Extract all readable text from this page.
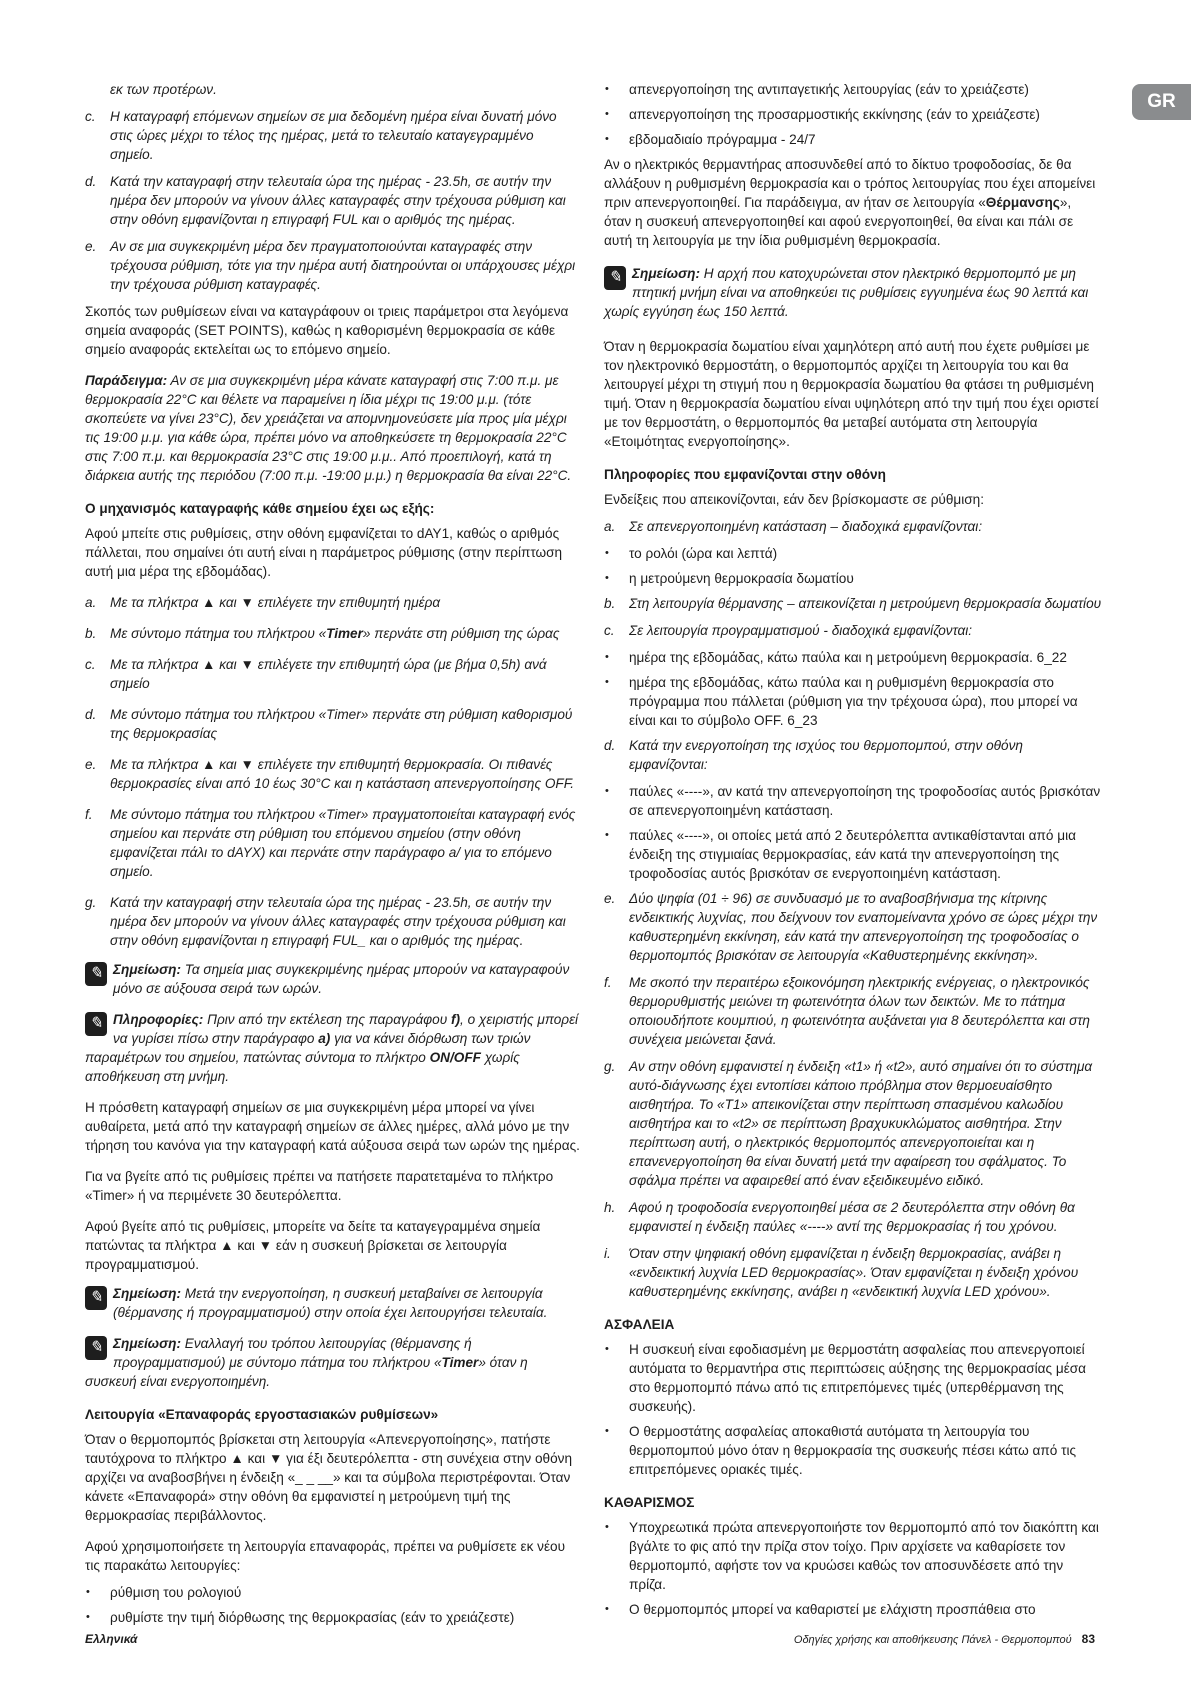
GR

εκ των προτέρων.

c. Η καταγραφή επόμενων σημείων σε μια δεδομένη ημέρα είναι δυνατή μόνο στις ώρες μέχρι το τέλος της ημέρας, μετά το τελευταίο καταγεγραμμένο σημείο.
d. Κατά την καταγραφή στην τελευταία ώρα της ημέρας - 23.5h, σε αυτήν την ημέρα δεν μπορούν να γίνουν άλλες καταγραφές στην τρέχουσα ρύθμιση και στην οθόνη εμφανίζονται η επιγραφή FUL και ο αριθμός της ημέρας.
e. Αν σε μια συγκεκριμένη μέρα δεν πραγματοποιούνται καταγραφές στην τρέχουσα ρύθμιση, τότε για την ημέρα αυτή διατηρούνται οι υπάρχουσες μέχρι την τρέχουσα ρύθμιση καταγραφές.

Σκοπός των ρυθμίσεων είναι να καταγράφουν οι τριεις παράμετροι στα λεγόμενα σημεία αναφοράς (SET POINTS), καθώς η καθορισμένη θερμοκρασία σε κάθε σημείο αναφοράς εκτελείται ως το επόμενο σημείο.

Παράδειγμα: Αν σε μια συγκεκριμένη μέρα κάνατε καταγραφή στις 7:00 π.μ. με θερμοκρασία 22°C και θέλετε να παραμείνει η ίδια μέχρι τις 19:00 μ.μ. (τότε σκοπεύετε να γίνει 23°C), δεν χρειάζεται να απομνημονεύσετε μία προς μία μέχρι τις 19:00 μ.μ. για κάθε ώρα, πρέπει μόνο να αποθηκεύσετε τη θερμοκρασία 22°C στις 7:00 π.μ. και θερμοκρασία 23°C στις 19:00 μ.μ.. Από προεπιλογή, κατά τη διάρκεια αυτής της περιόδου (7:00 π.μ. -19:00 μ.μ.) η θερμοκρασία θα είναι 22°C.

Ο μηχανισμός καταγραφής κάθε σημείου έχει ως εξής:

Αφού μπείτε στις ρυθμίσεις, στην οθόνη εμφανίζεται το dAY1, καθώς ο αριθμός πάλλεται, που σημαίνει ότι αυτή είναι η παράμετρος ρύθμισης (στην περίπτωση αυτή μια μέρα της εβδομάδας).

a. Με τα πλήκτρα ▲ και ▼ επιλέγετε την επιθυμητή ημέρα
b. Με σύντομο πάτημα του πλήκτρου «Timer» περνάτε στη ρύθμιση της ώρας
c. Με τα πλήκτρα ▲ και ▼ επιλέγετε την επιθυμητή ώρα (με βήμα 0,5h) ανά σημείο
d. Με σύντομο πάτημα του πλήκτρου «Timer» περνάτε στη ρύθμιση καθορισμού της θερμοκρασίας
e. Με τα πλήκτρα ▲ και ▼ επιλέγετε την επιθυμητή θερμοκρασία. Οι πιθανές θερμοκρασίες είναι από 10 έως 30°C και η κατάσταση απενεργοποίησης OFF.
f. Με σύντομο πάτημα του πλήκτρου «Timer» πραγματοποιείται καταγραφή ενός σημείου και περνάτε στη ρύθμιση του επόμενου σημείου (στην οθόνη εμφανίζεται πάλι το dAYX) και περνάτε στην παράγραφο a/ για το επόμενο σημείο.
g. Κατά την καταγραφή στην τελευταία ώρα της ημέρας - 23.5h, σε αυτήν την ημέρα δεν μπορούν να γίνουν άλλες καταγραφές στην τρέχουσα ρύθμιση και στην οθόνη εμφανίζονται η επιγραφή FUL_ και ο αριθμός της ημέρας.
✎ Σημείωση: Τα σημεία μιας συγκεκριμένης ημέρας μπορούν να καταγραφούν μόνο σε αύξουσα σειρά των ωρών.
✎ Πληροφορίες: Πριν από την εκτέλεση της παραγράφου f), ο χειριστής μπορεί να γυρίσει πίσω στην παράγραφο a) για να κάνει διόρθωση των τριών παραμέτρων του σημείου, πατώντας σύντομα το πλήκτρο ON/OFF χωρίς αποθήκευση στη μνήμη.

Η πρόσθετη καταγραφή σημείων σε μια συγκεκριμένη μέρα μπορεί να γίνει αυθαίρετα, μετά από την καταγραφή σημείων σε άλλες ημέρες, αλλά μόνο με την τήρηση του κανόνα για την καταγραφή κατά αύξουσα σειρά των ωρών της ημέρας.

Για να βγείτε από τις ρυθμίσεις πρέπει να πατήσετε παρατεταμένα το πλήκτρο «Timer» ή να περιμένετε 30 δευτερόλεπτα.

Αφού βγείτε από τις ρυθμίσεις, μπορείτε να δείτε τα καταγεγραμμένα σημεία πατώντας τα πλήκτρα ▲ και ▼ εάν η συσκευή βρίσκεται σε λειτουργία προγραμματισμού.

✎ Σημείωση: Μετά την ενεργοποίηση, η συσκευή μεταβαίνει σε λειτουργία (θέρμανσης ή προγραμματισμού) στην οποία έχει λειτουργήσει τελευταία.
✎ Σημείωση: Εναλλαγή του τρόπου λειτουργίας (θέρμανσης ή προγραμματισμού) με σύντομο πάτημα του πλήκτρου «Timer» όταν η συσκευή είναι ενεργοποιημένη.
Λειτουργία «Επαναφοράς εργοστασιακών ρυθμίσεων»

Όταν ο θερμοπομπός βρίσκεται στη λειτουργία «Απενεργοποίησης», πατήστε ταυτόχρονα το πλήκτρο ▲ και ▼ για έξι δευτερόλεπτα - στη συνέχεια στην οθόνη αρχίζει να αναβοσβήνει η ένδειξη «_ _ __» και τα σύμβολα περιστρέφονται. Όταν κάνετε «Επαναφορά» στην οθόνη θα εμφανιστεί η μετρούμενη τιμή της θερμοκρασίας περιβάλλοντος.

Αφού χρησιμοποιήσετε τη λειτουργία επαναφοράς, πρέπει να ρυθμίσετε εκ νέου τις παρακάτω λειτουργίες:

• ρύθμιση του ρολογιού
• ρυθμίστε την τιμή διόρθωσης της θερμοκρασίας (εάν το χρειάζεστε)
• απενεργοποίηση της αντιπαγετικής λειτουργίας (εάν το χρειάζεστε)
• απενεργοποίηση της προσαρμοστικής εκκίνησης (εάν το χρειάζεστε)
• εβδομαδιαίο πρόγραμμα - 24/7

Αν ο ηλεκτρικός θερμαντήρας αποσυνδεθεί από το δίκτυο τροφοδοσίας, δε θα αλλάξουν η ρυθμισμένη θερμοκρασία και ο τρόπος λειτουργίας που έχει απομείνει πριν απενεργοποιηθεί. Για παράδειγμα, αν ήταν σε λειτουργία «Θέρμανσης», όταν η συσκευή απενεργοποιηθεί και αφού ενεργοποιηθεί, θα είναι και πάλι σε αυτή τη λειτουργία με την ίδια ρυθμισμένη θερμοκρασία.

✎ Σημείωση: Η αρχή που κατοχυρώνεται στον ηλεκτρικό θερμοπομπό με μη πτητική μνήμη είναι να αποθηκεύει τις ρυθμίσεις εγγυημένα έως 90 λεπτά και χωρίς εγγύηση έως 150 λεπτά.

Όταν η θερμοκρασία δωματίου είναι χαμηλότερη από αυτή που έχετε ρυθμίσει με τον ηλεκτρονικό θερμοστάτη, ο θερμοπομπός αρχίζει τη λειτουργία του και θα λειτουργεί μέχρι τη στιγμή που η θερμοκρασία δωματίου θα φτάσει τη ρυθμισμένη τιμή. Όταν η θερμοκρασία δωματίου είναι υψηλότερη από την τιμή που έχει οριστεί με τον θερμοστάτη, ο θερμοπομπός θα μεταβεί αυτόματα στη λειτουργία «Ετοιμότητας ενεργοποίησης».

Πληροφορίες που εμφανίζονται στην οθόνη

Ενδείξεις που απεικονίζονται, εάν δεν βρίσκομαστε σε ρύθμιση:

a. Σε απενεργοποιημένη κατάσταση – διαδοχικά εμφανίζονται:
• το ρολόι (ώρα και λεπτά)
• η μετρούμενη θερμοκρασία δωματίου
b. Στη λειτουργία θέρμανσης – απεικονίζεται η μετρούμενη θερμοκρασία δωματίου
c. Σε λειτουργία προγραμματισμού - διαδοχικά εμφανίζονται:
• ημέρα της εβδομάδας, κάτω παύλα και η μετρούμενη θερμοκρασία. 6_22
• ημέρα της εβδομάδας, κάτω παύλα και η ρυθμισμένη θερμοκρασία στο πρόγραμμα που πάλλεται (ρύθμιση για την τρέχουσα ώρα), που μπορεί να είναι και το σύμβολο OFF. 6_23
d. Κατά την ενεργοποίηση της ισχύος του θερμοπομπού, στην οθόνη εμφανίζονται:
• παύλες «----», αν κατά την απενεργοποίηση της τροφοδοσίας αυτός βρισκόταν σε απενεργοποιημένη κατάσταση.
• παύλες «----», οι οποίες μετά από 2 δευτερόλεπτα αντικαθίστανται από μια ένδειξη της στιγμιαίας θερμοκρασίας, εάν κατά την απενεργοποίηση της τροφοδοσίας αυτός βρισκόταν σε ενεργοποιημένη κατάσταση.
e. Δύο ψηφία (01 ÷ 96) σε συνδυασμό με το αναβοσβήνισμα της κίτρινης ενδεικτικής λυχνίας, που δείχνουν τον εναπομείναντα χρόνο σε ώρες μέχρι την καθυστερημένη εκκίνηση, εάν κατά την απενεργοποίηση της τροφοδοσίας ο θερμοπομπός βρισκόταν σε λειτουργία «Καθυστερημένης εκκίνηση».
f. Με σκοπό την περαιτέρω εξοικονόμηση ηλεκτρικής ενέργειας, ο ηλεκτρονικός θερμορυθμιστής μειώνει τη φωτεινότητα όλων των δεικτών. Με το πάτημα οποιουδήποτε κουμπιού, η φωτεινότητα αυξάνεται για 8 δευτερόλεπτα και στη συνέχεια μειώνεται ξανά.
g. Αν στην οθόνη εμφανιστεί η ένδειξη «t1» ή «t2», αυτό σημαίνει ότι το σύστημα αυτό-διάγνωσης έχει εντοπίσει κάποιο πρόβλημα στον θερμοευαίσθητο αισθητήρα. Το «T1» απεικονίζεται στην περίπτωση σπασμένου καλωδίου αισθητήρα και το «t2» σε περίπτωση βραχυκυκλώματος αισθητήρα. Στην περίπτωση αυτή, ο ηλεκτρικός θερμοπομπός απενεργοποιείται και η επανενεργοποίηση θα είναι δυνατή μετά την αφαίρεση του σφάλματος. Το σφάλμα πρέπει να αφαιρεθεί από έναν εξειδικευμένο ειδικό.
h. Αφού η τροφοδοσία ενεργοποιηθεί μέσα σε 2 δευτερόλεπτα στην οθόνη θα εμφανιστεί η ένδειξη παύλες «----» αντί της θερμοκρασίας ή του χρόνου.
i. Όταν στην ψηφιακή οθόνη εμφανίζεται η ένδειξη θερμοκρασίας, ανάβει η «ενδεικτική λυχνία LED θερμοκρασίας». Όταν εμφανίζεται η ένδειξη χρόνου καθυστερημένης εκκίνησης, ανάβει η «ενδεικτική λυχνία LED χρόνου».
ΑΣΦΑΛΕΙΑ
• Η συσκευή είναι εφοδιασμένη με θερμοστάτη ασφαλείας που απενεργοποιεί αυτόματα το θερμαντήρα στις περιπτώσεις αύξησης της θερμοκρασίας μέσα στο θερμοπομπό πάνω από τις επιτρεπόμενες τιμές (υπερθέρμανση της συσκευής).
• Ο θερμοστάτης ασφαλείας αποκαθιστά αυτόματα τη λειτουργία του θερμοπομπού μόνο όταν η θερμοκρασία της συσκευής πέσει κάτω από τις επιτρεπόμενες οριακές τιμές.
ΚΑΘΑΡΙΣΜΟΣ
• Υποχρεωτικά πρώτα απενεργοποιήστε τον θερμοπομπό από τον διακόπτη και βγάλτε το φις από την πρίζα στον τοίχο. Πριν αρχίσετε να καθαρίσετε τον θερμοπομπό, αφήστε τον να κρυώσει καθώς τον αποσυνδέσετε από την πρίζα.
• Ο θερμοπομπός μπορεί να καθαριστεί με ελάχιστη προσπάθεια στο
Ελληνικά	Οδηγίες χρήσης και αποθήκευσης Πάνελ - Θερμοπομπού 83
